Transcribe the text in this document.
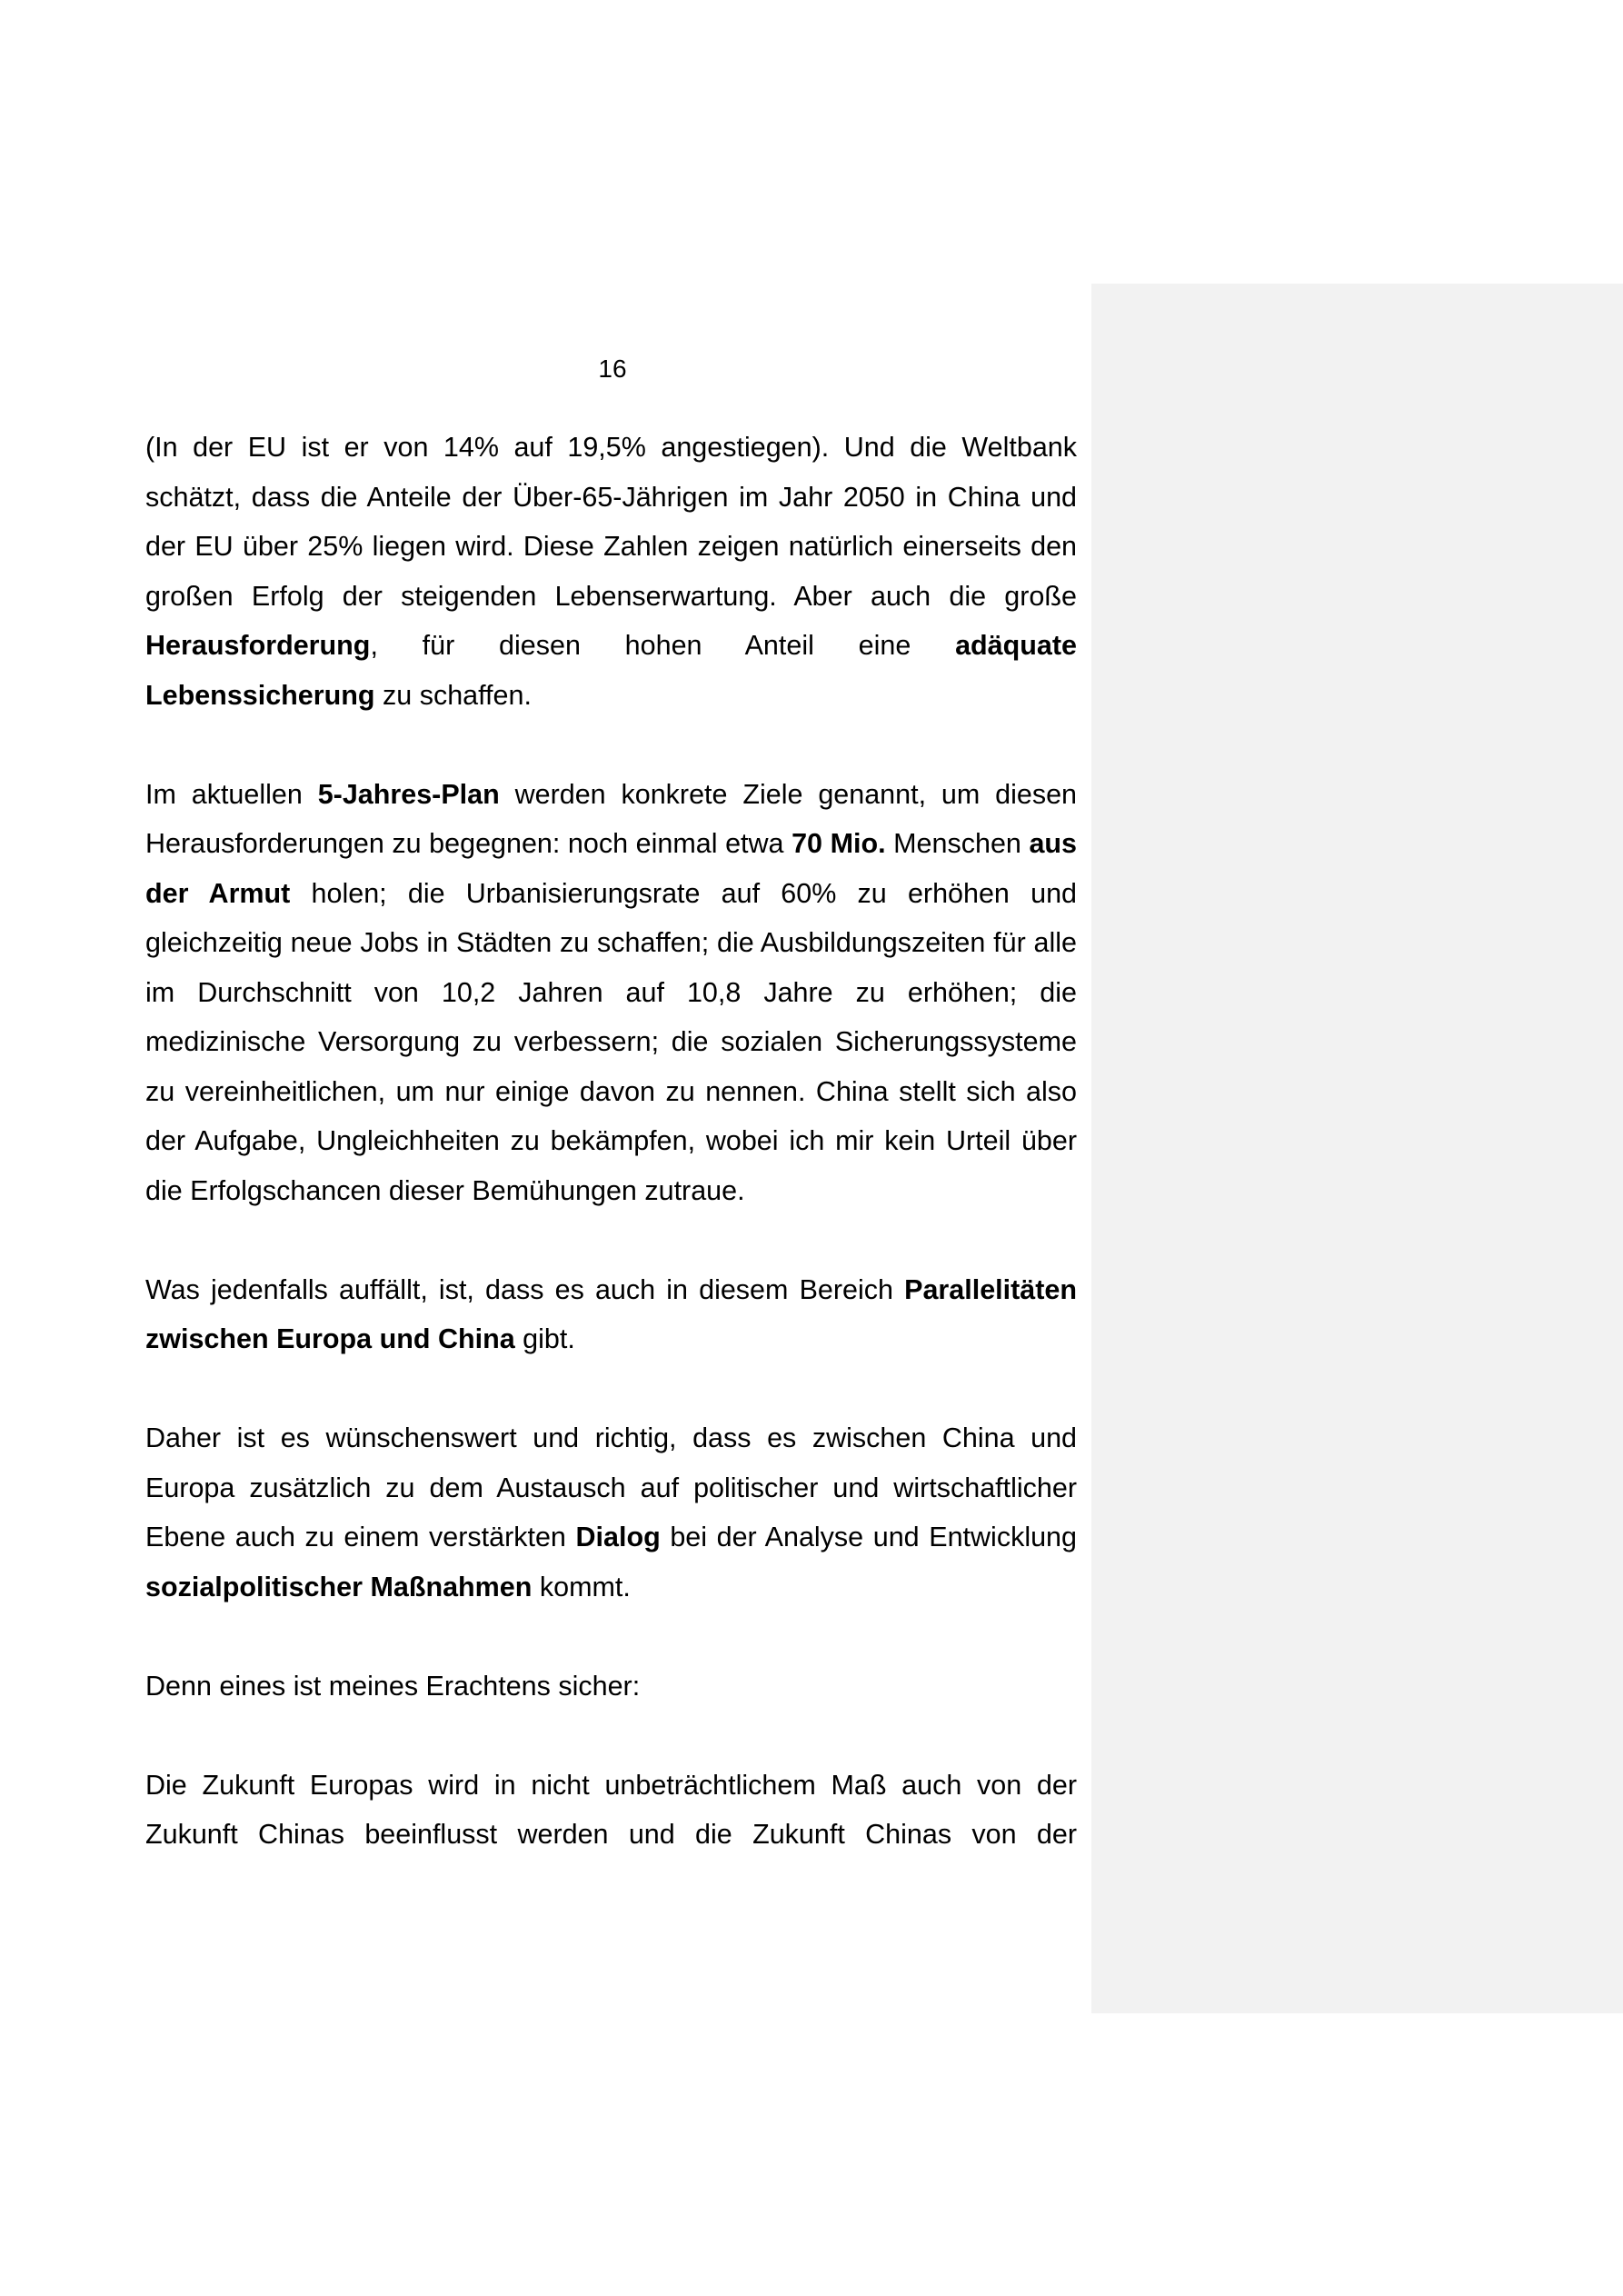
16

(In der EU ist er von 14% auf 19,5% angestiegen). Und die Weltbank schätzt, dass die Anteile der Über-65-Jährigen im Jahr 2050 in China und der EU über 25% liegen wird. Diese Zahlen zeigen natürlich einerseits den großen Erfolg der steigenden Lebenserwartung. Aber auch die große Herausforderung, für diesen hohen Anteil eine adäquate Lebenssicherung zu schaffen.

Im aktuellen 5-Jahres-Plan werden konkrete Ziele genannt, um diesen Herausforderungen zu begegnen: noch einmal etwa 70 Mio. Menschen aus der Armut holen; die Urbanisierungsrate auf 60% zu erhöhen und gleichzeitig neue Jobs in Städten zu schaffen; die Ausbildungszeiten für alle im Durchschnitt von 10,2 Jahren auf 10,8 Jahre zu erhöhen; die medizinische Versorgung zu verbessern; die sozialen Sicherungssysteme zu vereinheitlichen, um nur einige davon zu nennen. China stellt sich also der Aufgabe, Ungleichheiten zu bekämpfen, wobei ich mir kein Urteil über die Erfolgschancen dieser Bemühungen zutraue.

Was jedenfalls auffällt, ist, dass es auch in diesem Bereich Parallelitäten zwischen Europa und China gibt.

Daher ist es wünschenswert und richtig, dass es zwischen China und Europa zusätzlich zu dem Austausch auf politischer und wirtschaftlicher Ebene auch zu einem verstärkten Dialog bei der Analyse und Entwicklung sozialpolitischer Maßnahmen kommt.

Denn eines ist meines Erachtens sicher:

Die Zukunft Europas wird in nicht unbeträchtlichem Maß auch von der Zukunft Chinas beeinflusst werden und die Zukunft Chinas von der
